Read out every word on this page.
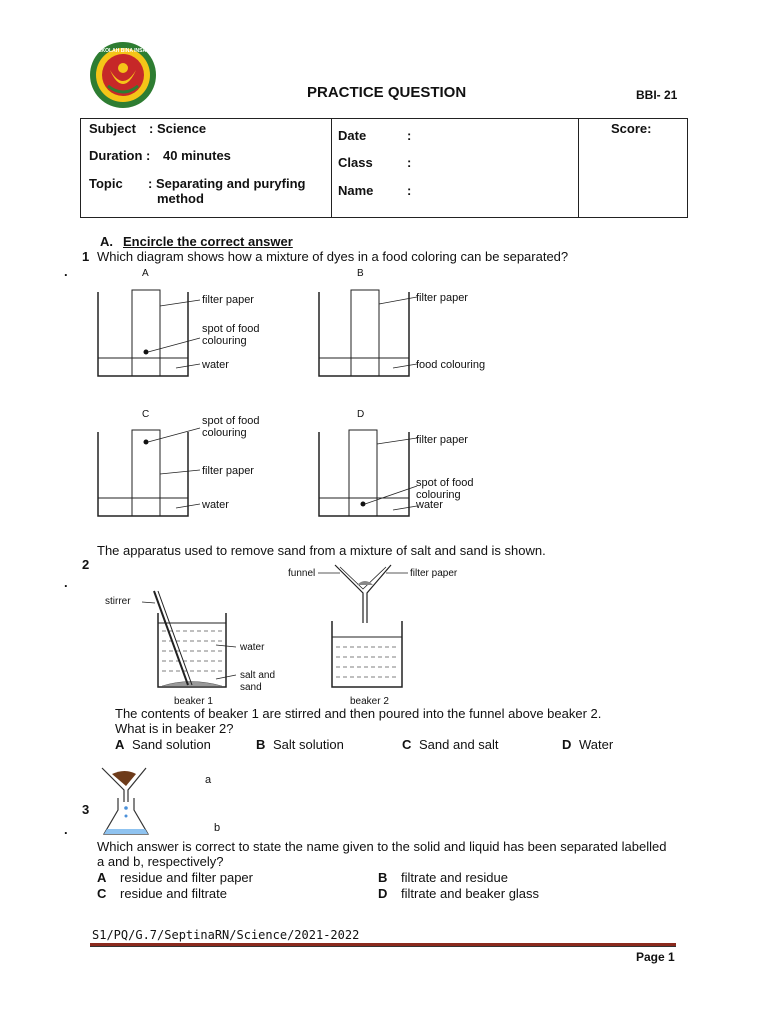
SEKOLAH BINA INSANI
PRACTICE QUESTION	BBI- 21
Subject : Science
Duration : 40 minutes
Topic : Separating and puryfing
method

Date	:
Class	:
Name	:

Score:
A. Encircle the correct answer
1
.
Which diagram shows how a mixture of dyes in a food coloring can be separated?
A
filter paper
spot of food
colouring
water
B
filter paper
food colouring
C
spot of food
colouring
filter paper
water
D
filter paper
spot of food
colouring
water
The apparatus used to remove sand from a mixture of salt and sand is shown.
2
.
funnel	filter paper
stirrer
water
salt and
sand
beaker 1	beaker 2
The contents of beaker 1 are stirred and then poured into the funnel above beaker 2.
What is in beaker 2?
A Sand solution	B Salt solution	C Sand and salt	D Water
a
3
b
.
Which answer is correct to state the name given to the solid and liquid has been separated labelled
a and b, respectively?
A residue and filter paper	B filtrate and residue
C residue and filtrate	D filtrate and beaker glass
S1/PQ/G.7/SeptinaRN/Science/2021-2022
Page 1
